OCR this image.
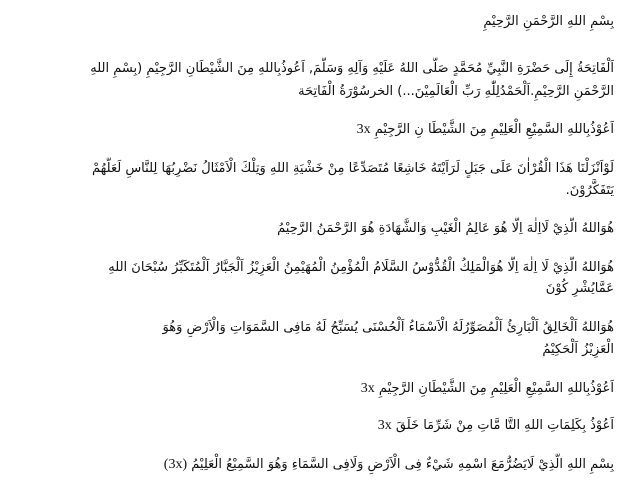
بِسْمِ اللهِ الرَّحْمَنِ الرَّحِيْمِ
اَلْفَاتِحَةُ إِلَى حَضْرَةِ النَّبِيِّ مُحَمَّدٍ صَلَّى اللهُ عَلَيْهِ وَآلِهِ وَسَلَّمَ, اَعُوذُبِاللهِ مِنَ الشَّيْطَانِ الرَّجِيْمِ (بِسْمِ اللهِ
الرَّحْمَنِ الرَّحِيْمِ.اَلْحَمْدُلِلّٰهِ رَبِّ الْعَالَمِيْنَ...) الخرسُوْرَةُ الْفَاتِحَة
اَعُوْذُبِاللهِ السَّمِيْعِ الْعَلِيْمِ مِنَ الشَّيْطَا نِ الرَّجِيْمِ 3x
لَوْاَنْزَلْنَا هَذَا الْقُرْاٰنَ عَلَى جَبَلٍ لَرَاَيْتَهُ خَاشِعًا مُتَصَدِّعًا مِنْ خَشْيَةِ اللهِ وَتِلْكَ الْاَمْثَالُ نَضْرِبُهَا لِلنَّاسِ لَعَلَّهُمْ
يَتَفَكَّرُوْنَ.
هُوَاللهُ الَّذِيْ لَااِلٰهَ اِلَّا هُوَ عَالِمُ الْغَيْبِ وَالشَّهَادَةِ هُوَ الرَّحْمَنُ الرَّحِيْمُ
هُوَاللهُ الَّذِيْ لَا اِلٰهَ اِلَّا هُوَالْمَلِكُ الْقُدُّوْسُ السَّلَامُ الْمُؤْمِنُ الْمُهَيْمِنُ الْعَزِيْزُ اَلْجَبَّارُ اَلْمُتَكَبِّرُ سُبْحَانَ اللهِ
عَمَّايُشْرِ كُوْنَ
هُوَاللهُ اَلْخَالِقُ اَلْبَارِئُ اَلْمُصَوِّرُلَهُ الْاَسْمَاءُ اَلْحُسْنَى يُسَبِّحُ لَهُ مَافِى السَّمَوَاتِ وَالْاَرْضِ وَهُوَ
الْعَزِيْزُ اَلْحَكِيْمُ
اَعُوْذُبِاللهِ السَّمِيْعِ الْعَلِيْمِ مِنَ الشَّيْطَانِ الرَّجِيْمِ 3x
اَعُوْذُ بِكَلِمَاتِ اللهِ التَّا مَّاتِ مِنْ شَرِّمَا خَلَقَ 3x
بِسْمِ اللهِ الَّذِيْ لَايَضُرُّمَعَ اسْمِهِ شَيْءٌ فِى الْاَرْضِ وَلَافِى السَّمَاءِ وَهُوَ السَّمِيْعُ الْعَلِيْمُ (3x)
